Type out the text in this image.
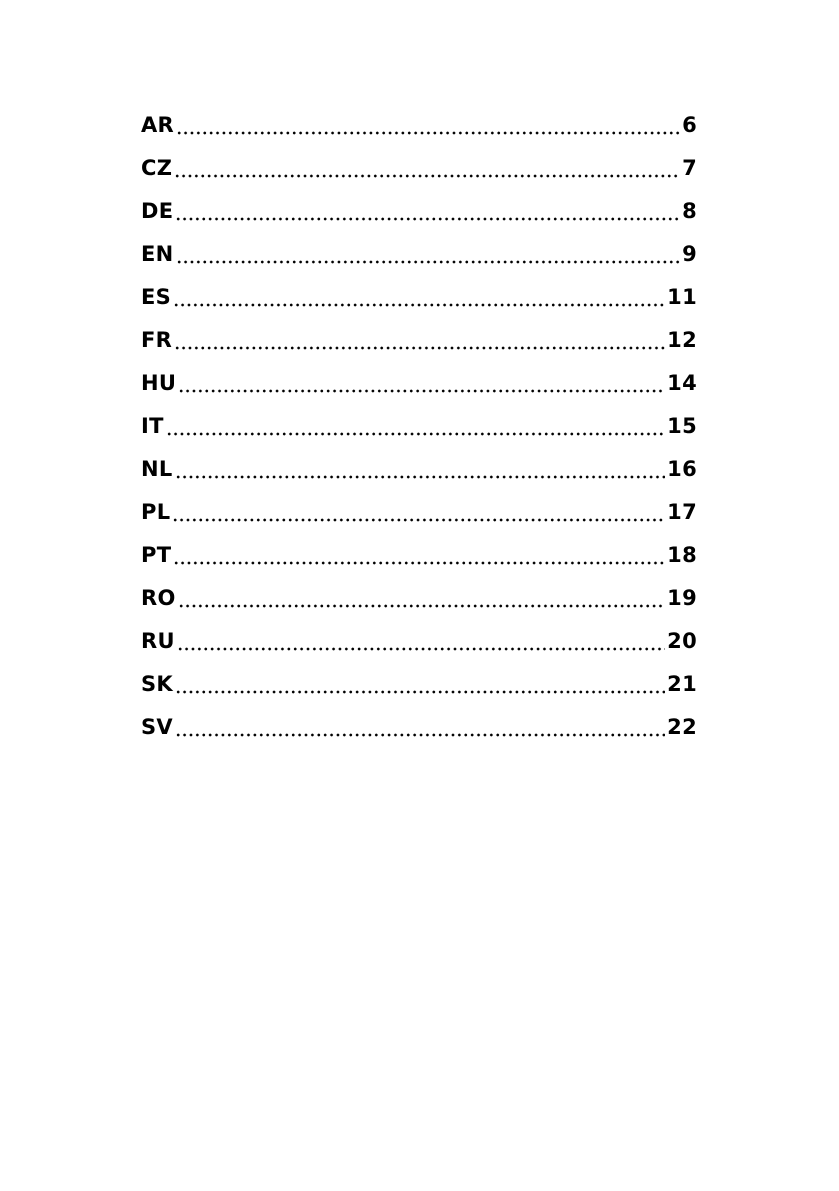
AR	6
CZ	7
DE	8
EN	9
ES	11
FR	12
HU	14
IT	15
NL	16
PL	17
PT	18
RO	19
RU	20
SK	21
SV	22
